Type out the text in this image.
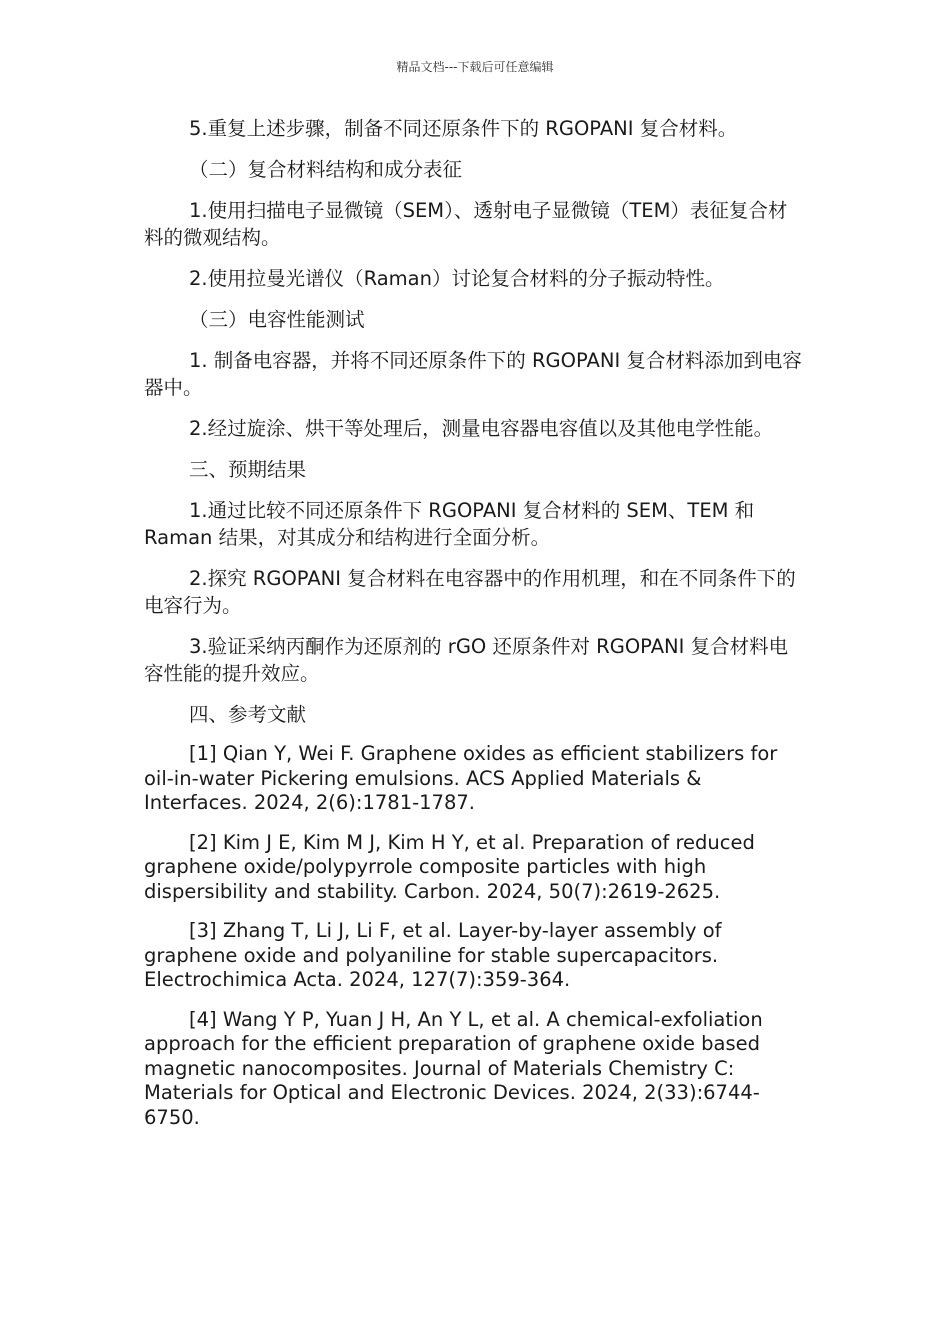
精品文档---下载后可任意编辑

5.重复上述步骤，制备不同还原条件下的 RGOPANI 复合材料。

（二）复合材料结构和成分表征

1.使用扫描电子显微镜（SEM）、透射电子显微镜（TEM）表征复合材料的微观结构。

2.使用拉曼光谱仪（Raman）讨论复合材料的分子振动特性。

（三）电容性能测试

1. 制备电容器，并将不同还原条件下的 RGOPANI 复合材料添加到电容器中。

2.经过旋涂、烘干等处理后，测量电容器电容值以及其他电学性能。

三、预期结果

1.通过比较不同还原条件下 RGOPANI 复合材料的 SEM、TEM 和 Raman 结果，对其成分和结构进行全面分析。

2.探究 RGOPANI 复合材料在电容器中的作用机理，和在不同条件下的电容行为。

3.验证采纳丙酮作为还原剂的 rGO 还原条件对 RGOPANI 复合材料电容性能的提升效应。

四、参考文献

[1] Qian Y, Wei F. Graphene oxides as efficient stabilizers for oil-in-water Pickering emulsions. ACS Applied Materials & Interfaces. 2024, 2(6):1781-1787.

[2] Kim J E, Kim M J, Kim H Y, et al. Preparation of reduced graphene oxide/polypyrrole composite particles with high dispersibility and stability. Carbon. 2024, 50(7):2619-2625.

[3] Zhang T, Li J, Li F, et al. Layer-by-layer assembly of graphene oxide and polyaniline for stable supercapacitors. Electrochimica Acta. 2024, 127(7):359-364.

[4] Wang Y P, Yuan J H, An Y L, et al. A chemical-exfoliation approach for the efficient preparation of graphene oxide based magnetic nanocomposites. Journal of Materials Chemistry C: Materials for Optical and Electronic Devices. 2024, 2(33):6744-6750.
